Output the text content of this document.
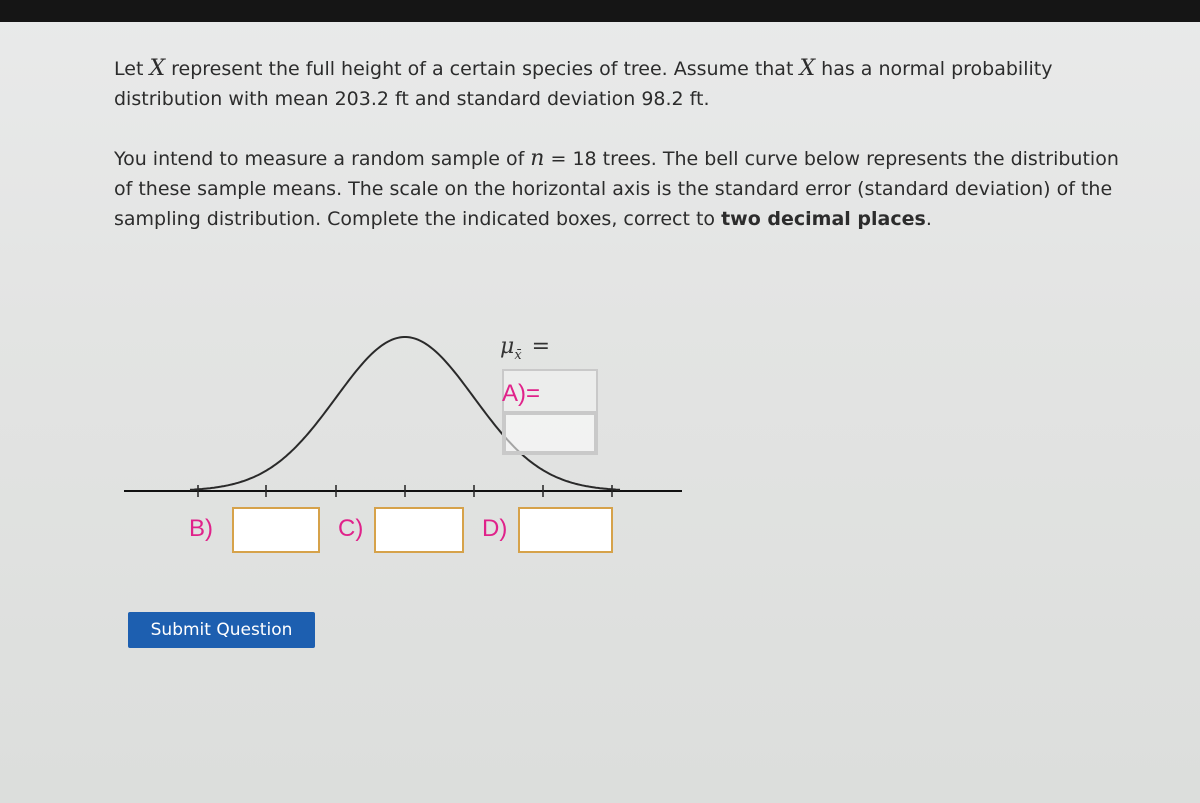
Let X represent the full height of a certain species of tree. Assume that X has a normal probability distribution with mean 203.2 ft and standard deviation 98.2 ft.
You intend to measure a random sample of n = 18 trees. The bell curve below represents the distribution of these sample means. The scale on the horizontal axis is the standard error (standard deviation) of the sampling distribution. Complete the indicated boxes, correct to two decimal places.
$\mu_{x̄}$ =
A)=
B)	C)	D)
Submit Question
